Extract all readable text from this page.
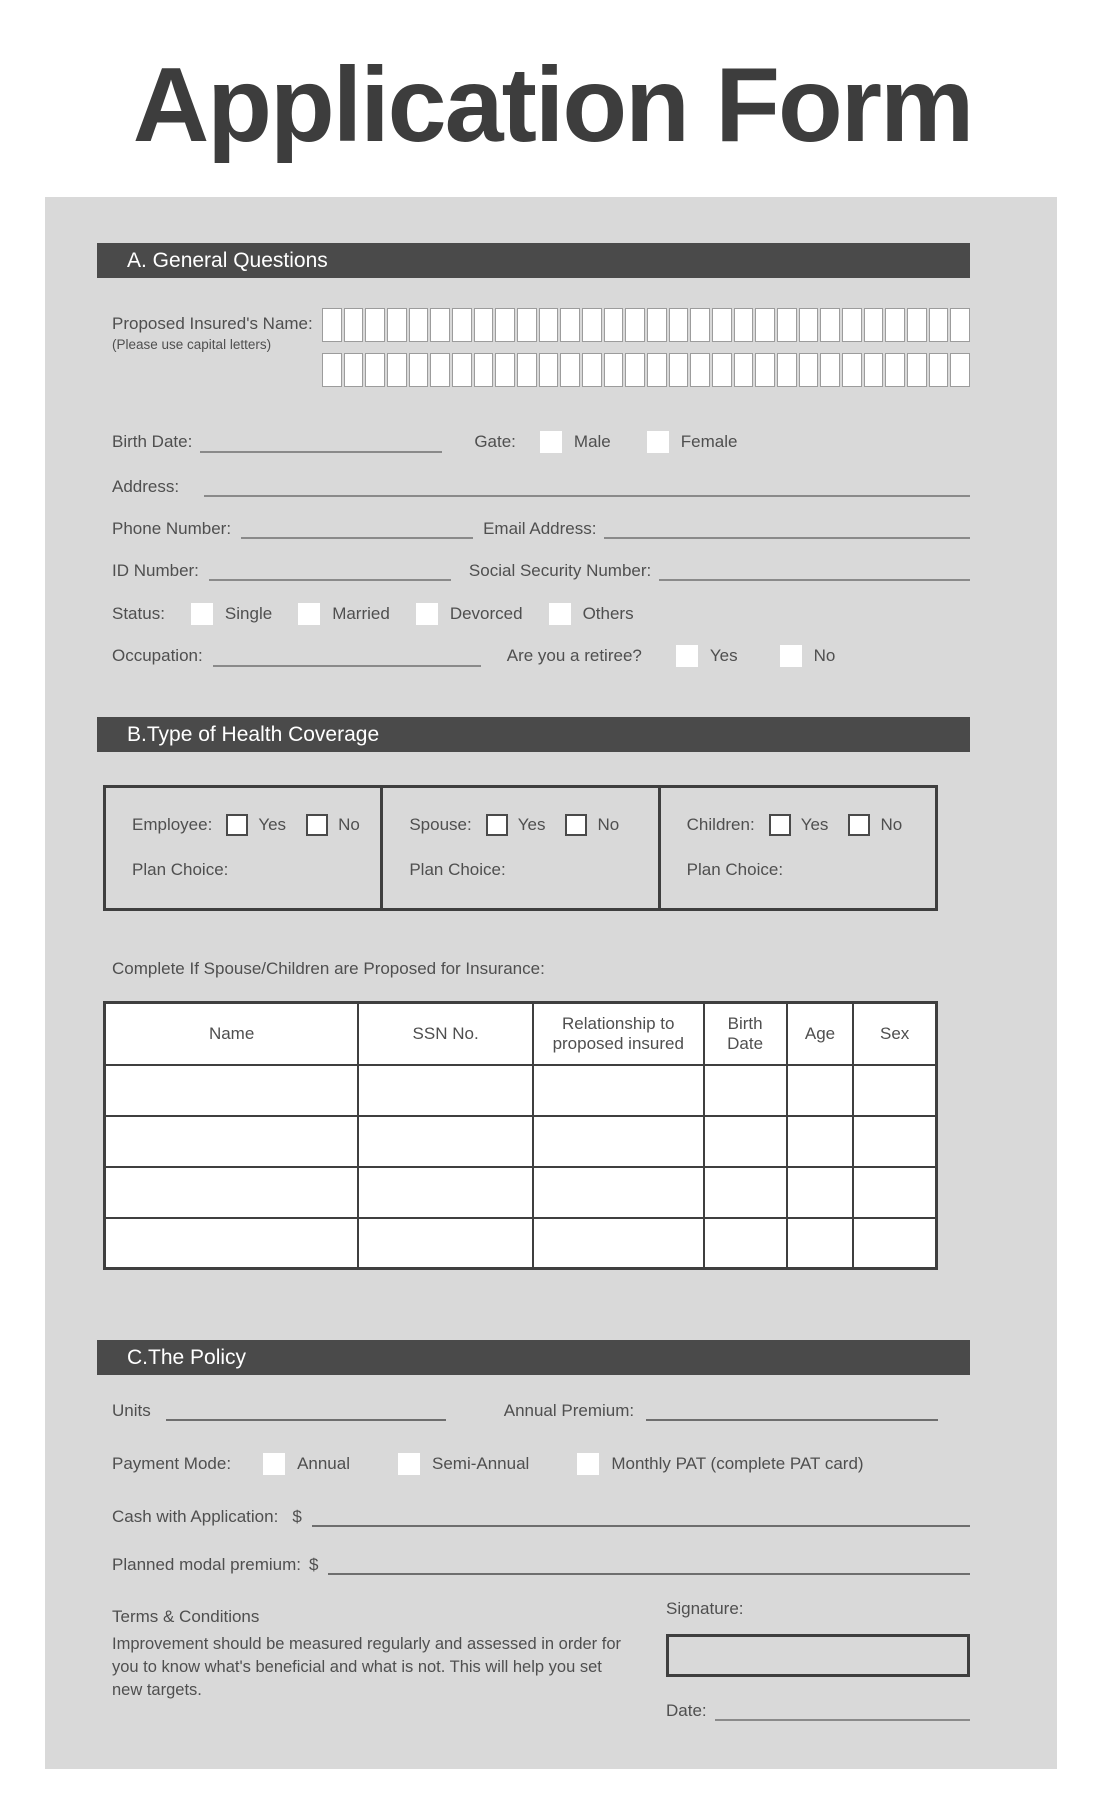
Application Form
A. General Questions
Proposed Insured's Name:
(Please use capital letters)
Birth Date:	Gate:	Male	Female
Address:
Phone Number:	Email Address:
ID Number:	Social Security Number:
Status:	Single	Married	Devorced	Others
Occupation:	Are you a retiree?	Yes	No
B.Type of Health Coverage
Employee:	Yes	No
Plan Choice:
Spouse:	Yes	No
Plan Choice:
Children:	Yes	No
Plan Choice:
Complete If Spouse/Children are Proposed for Insurance:
Name	SSN No.	Relationship to proposed insured	Birth Date	Age	Sex

C.The Policy
Units	Annual Premium:
Payment Mode:	Annual	Semi-Annual	Monthly PAT (complete PAT card)
Cash with Application: $
Planned modal premium: $
Terms & Conditions

Improvement should be measured regularly and assessed in order for you to know what's beneficial and what is not. This will help you set new targets.

Signature:
Date:
